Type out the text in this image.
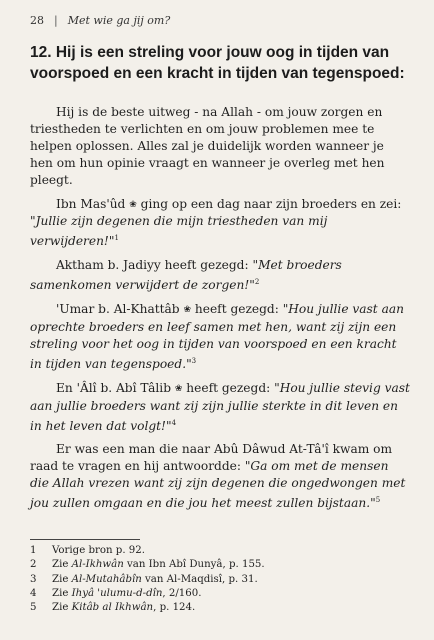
28 | Met wie ga jij om?
12. Hij is een streling voor jouw oog in tijden van voorspoed en een kracht in tijden van tegenspoed:

Hij is de beste uitweg - na Allah - om jouw zorgen en triestheden te verlichten en om jouw problemen mee te helpen oplossen. Alles zal je duidelijk worden wanneer je hen om hun opinie vraagt en wanneer je overleg met hen pleegt.

Ibn Mas'ûd ❀ ging op een dag naar zijn broeders en zei: "Jullie zijn degenen die mijn triestheden van mij verwijderen!"$^1$

Aktham b. Jadiyy heeft gezegd: "Met broeders samenkomen verwijdert de zorgen!"$^2$

'Umar b. Al-Khattâb ❀ heeft gezegd: "Hou jullie vast aan oprechte broeders en leef samen met hen, want zij zijn een streling voor het oog in tijden van voorspoed en een kracht in tijden van tegenspoed."$^3$

En 'Âlî b. Abî Tâlib ❀ heeft gezegd: "Hou jullie stevig vast aan jullie broeders want zij zijn jullie sterkte in dit leven en in het leven dat volgt!"$^4$

Er was een man die naar Abû Dâwud At-Tâ'î kwam om raad te vragen en hij antwoordde: "Ga om met de mensen die Allah vrezen want zij zijn degenen die ongedwongen met jou zullen omgaan en die jou het meest zullen bijstaan."$^5$

1	Vorige bron p. 92.
2	Zie Al-Ikhwân van Ibn Abî Dunyâ, p. 155.
3	Zie Al-Mutahâbîn van Al-Maqdisî, p. 31.
4	Zie Ihyâ 'ulumu-d-dîn, 2/160.
5	Zie Kitâb al Ikhwân, p. 124.
